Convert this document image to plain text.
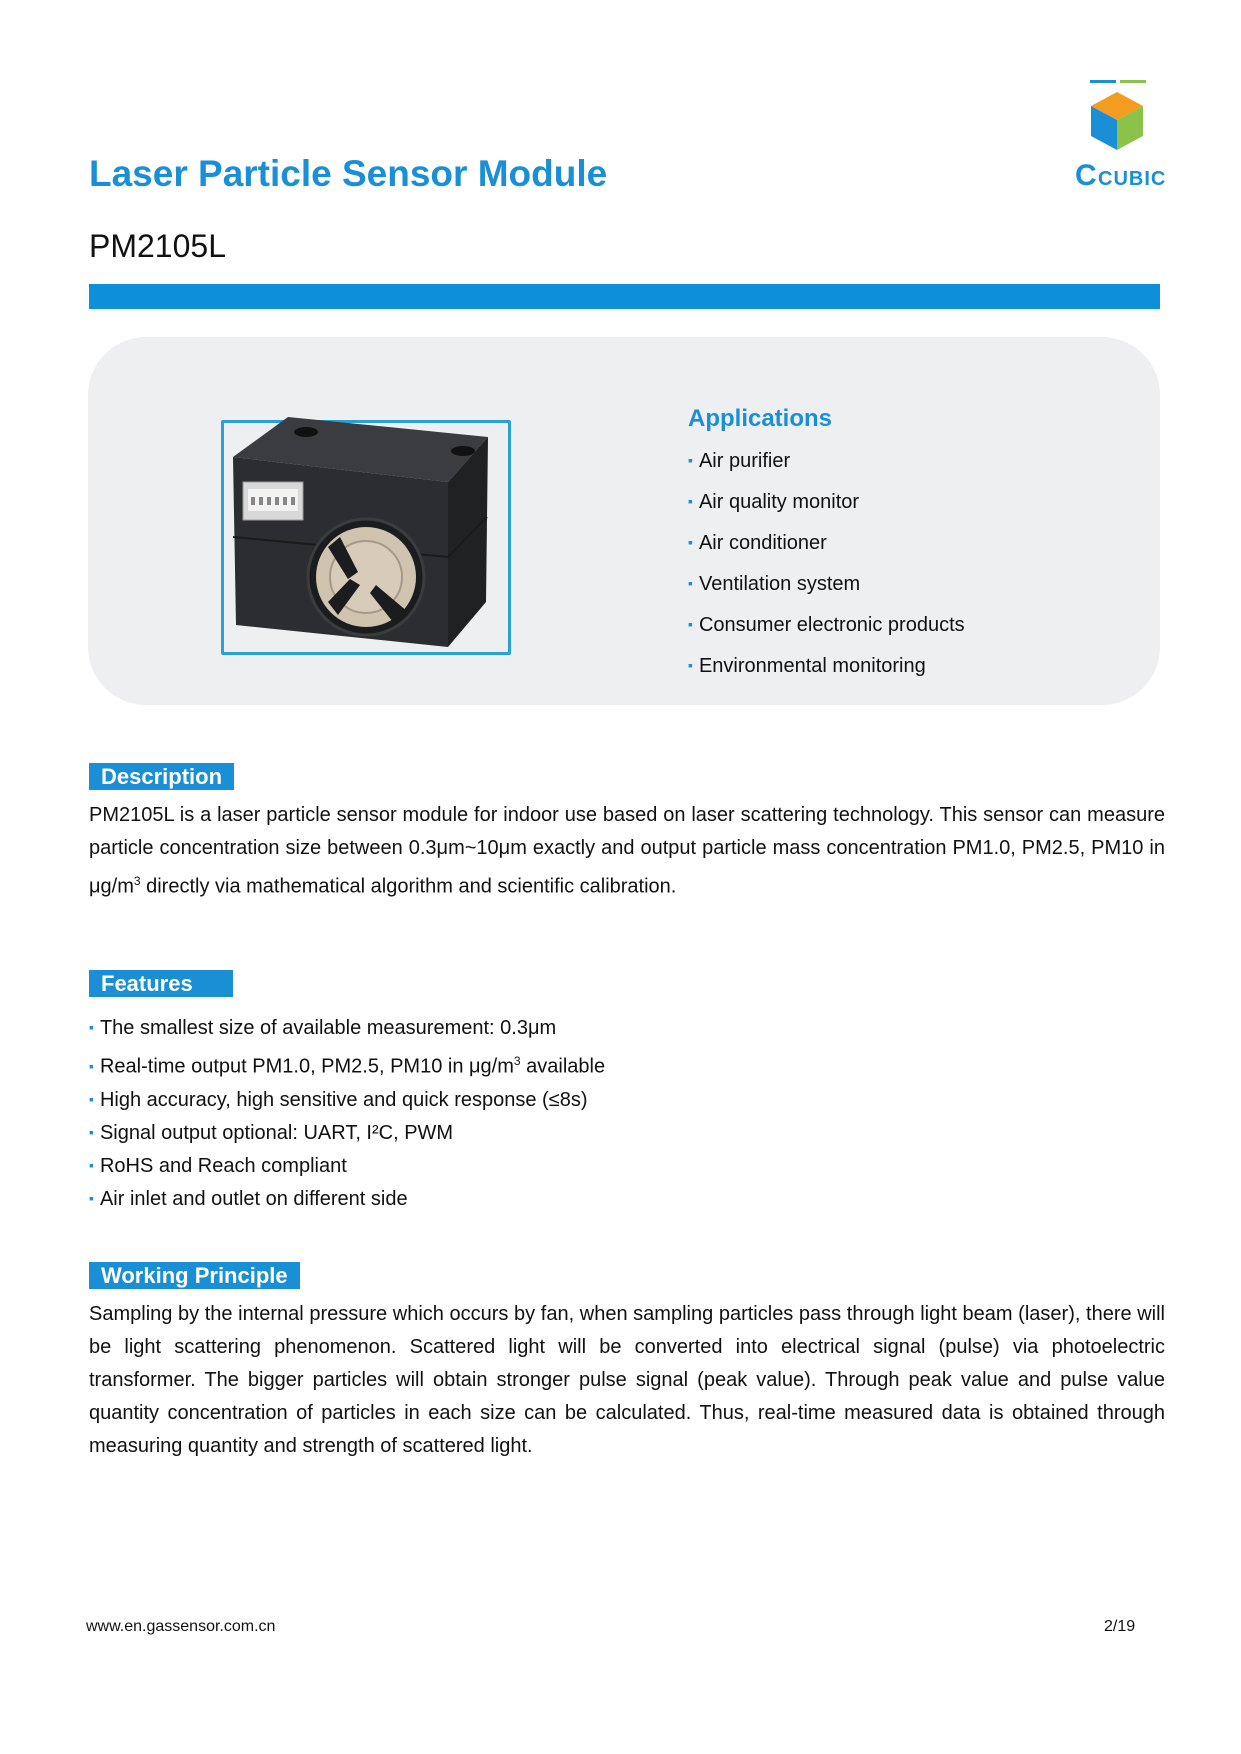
Laser Particle Sensor Module
PM2105L
C CUBIC
Applications
▪ Air purifier
▪ Air quality monitor
▪ Air conditioner
▪ Ventilation system
▪ Consumer electronic products
▪ Environmental monitoring
Description

PM2105L is a laser particle sensor module for indoor use based on laser scattering technology. This sensor can measure particle concentration size between 0.3μm~10μm exactly and output particle mass concentration PM1.0, PM2.5, PM10 in $\mu g/m^3$ directly via mathematical algorithm and scientific calibration.

Features
▪ The smallest size of available measurement: 0.3μm
▪ Real-time output PM1.0, PM2.5, PM10 in $\mu g/m^3$ available
▪ High accuracy, high sensitive and quick response (≤8s)
▪ Signal output optional: UART, I²C, PWM
▪ RoHS and Reach compliant
▪ Air inlet and outlet on different side
Working Principle

Sampling by the internal pressure which occurs by fan, when sampling particles pass through light beam (laser), there will be light scattering phenomenon. Scattered light will be converted into electrical signal (pulse) via photoelectric transformer. The bigger particles will obtain stronger pulse signal (peak value). Through peak value and pulse value quantity concentration of particles in each size can be calculated. Thus, real-time measured data is obtained through measuring quantity and strength of scattered light.

www.en.gassensor.com.cn	2/19
